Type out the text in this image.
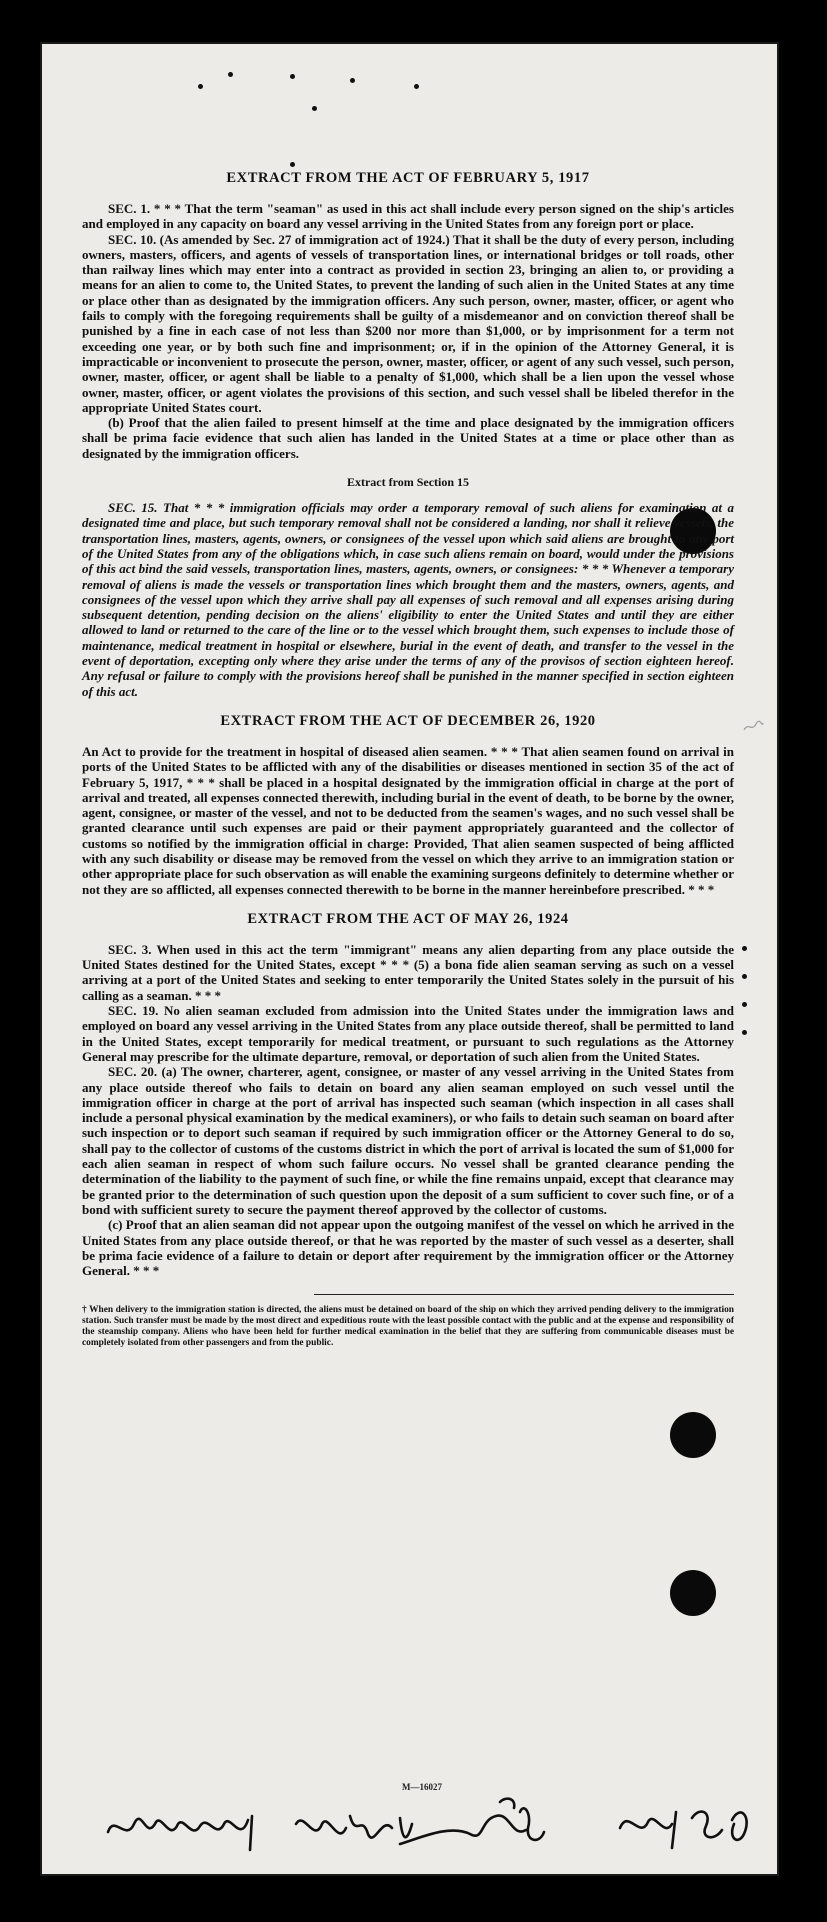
EXTRACT FROM THE ACT OF FEBRUARY 5, 1917

SEC. 1. * * * That the term "seaman" as used in this act shall include every person signed on the ship's articles and employed in any capacity on board any vessel arriving in the United States from any foreign port or place.

SEC. 10. (As amended by Sec. 27 of immigration act of 1924.) That it shall be the duty of every person, including owners, masters, officers, and agents of vessels of transportation lines, or international bridges or toll roads, other than railway lines which may enter into a contract as provided in section 23, bringing an alien to, or providing a means for an alien to come to, the United States, to prevent the landing of such alien in the United States at any time or place other than as designated by the immigration officers. Any such person, owner, master, officer, or agent who fails to comply with the foregoing requirements shall be guilty of a misdemeanor and on conviction thereof shall be punished by a fine in each case of not less than $200 nor more than $1,000, or by imprisonment for a term not exceeding one year, or by both such fine and imprisonment; or, if in the opinion of the Attorney General, it is impracticable or inconvenient to prosecute the person, owner, master, officer, or agent of any such vessel, such person, owner, master, officer, or agent shall be liable to a penalty of $1,000, which shall be a lien upon the vessel whose owner, master, officer, or agent violates the provisions of this section, and such vessel shall be libeled therefor in the appropriate United States court.

(b) Proof that the alien failed to present himself at the time and place designated by the immigration officers shall be prima facie evidence that such alien has landed in the United States at a time or place other than as designated by the immigration officers.

Extract from Section 15

SEC. 15. That * * * immigration officials may order a temporary removal of such aliens for examination at a designated time and place, but such temporary removal shall not be considered a landing, nor shall it relieve vessels, the transportation lines, masters, agents, owners, or consignees of the vessel upon which said aliens are brought to any port of the United States from any of the obligations which, in case such aliens remain on board, would under the provisions of this act bind the said vessels, transportation lines, masters, agents, owners, or consignees: * * * Whenever a temporary removal of aliens is made the vessels or transportation lines which brought them and the masters, owners, agents, and consignees of the vessel upon which they arrive shall pay all expenses of such removal and all expenses arising during subsequent detention, pending decision on the aliens' eligibility to enter the United States and until they are either allowed to land or returned to the care of the line or to the vessel which brought them, such expenses to include those of maintenance, medical treatment in hospital or elsewhere, burial in the event of death, and transfer to the vessel in the event of deportation, excepting only where they arise under the terms of any of the provisos of section eighteen hereof. Any refusal or failure to comply with the provisions hereof shall be punished in the manner specified in section eighteen of this act.

EXTRACT FROM THE ACT OF DECEMBER 26, 1920

An Act to provide for the treatment in hospital of diseased alien seamen. * * * That alien seamen found on arrival in ports of the United States to be afflicted with any of the disabilities or diseases mentioned in section 35 of the act of February 5, 1917, * * * shall be placed in a hospital designated by the immigration official in charge at the port of arrival and treated, all expenses connected therewith, including burial in the event of death, to be borne by the owner, agent, consignee, or master of the vessel, and not to be deducted from the seamen's wages, and no such vessel shall be granted clearance until such expenses are paid or their payment appropriately guaranteed and the collector of customs so notified by the immigration official in charge: Provided, That alien seamen suspected of being afflicted with any such disability or disease may be removed from the vessel on which they arrive to an immigration station or other appropriate place for such observation as will enable the examining surgeons definitely to determine whether or not they are so afflicted, all expenses connected therewith to be borne in the manner hereinbefore prescribed. * * *

EXTRACT FROM THE ACT OF MAY 26, 1924

SEC. 3. When used in this act the term "immigrant" means any alien departing from any place outside the United States destined for the United States, except * * * (5) a bona fide alien seaman serving as such on a vessel arriving at a port of the United States and seeking to enter temporarily the United States solely in the pursuit of his calling as a seaman. * * *

SEC. 19. No alien seaman excluded from admission into the United States under the immigration laws and employed on board any vessel arriving in the United States from any place outside thereof, shall be permitted to land in the United States, except temporarily for medical treatment, or pursuant to such regulations as the Attorney General may prescribe for the ultimate departure, removal, or deportation of such alien from the United States.

SEC. 20. (a) The owner, charterer, agent, consignee, or master of any vessel arriving in the United States from any place outside thereof who fails to detain on board any alien seaman employed on such vessel until the immigration officer in charge at the port of arrival has inspected such seaman (which inspection in all cases shall include a personal physical examination by the medical examiners), or who fails to detain such seaman on board after such inspection or to deport such seaman if required by such immigration officer or the Attorney General to do so, shall pay to the collector of customs of the customs district in which the port of arrival is located the sum of $1,000 for each alien seaman in respect of whom such failure occurs. No vessel shall be granted clearance pending the determination of the liability to the payment of such fine, or while the fine remains unpaid, except that clearance may be granted prior to the determination of such question upon the deposit of a sum sufficient to cover such fine, or of a bond with sufficient surety to secure the payment thereof approved by the collector of customs.

(c) Proof that an alien seaman did not appear upon the outgoing manifest of the vessel on which he arrived in the United States from any place outside thereof, or that he was reported by the master of such vessel as a deserter, shall be prima facie evidence of a failure to detain or deport after requirement by the immigration officer or the Attorney General. * * *

† When delivery to the immigration station is directed, the aliens must be detained on board of the ship on which they arrived pending delivery to the immigration station. Such transfer must be made by the most direct and expeditious route with the least possible contact with the public and at the expense and responsibility of the steamship company. Aliens who have been held for further medical examination in the belief that they are suffering from communicable diseases must be completely isolated from other passengers and from the public.

M—16027
